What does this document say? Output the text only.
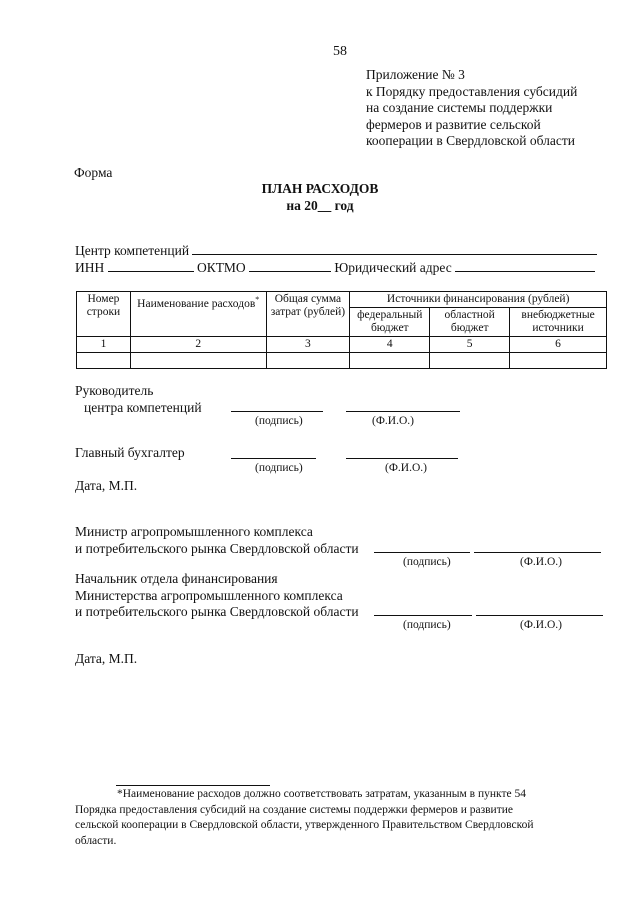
58
Приложение № 3
к Порядку предоставления субсидий
на создание системы поддержки
фермеров и развитие сельской
кооперации в Свердловской области
Форма
ПЛАН РАСХОДОВ
на 20__ год
Центр компетенций
ИНН	ОКТМО	Юридический адрес
Номер строки	Наименование расходов*	Общая сумма затрат (рублей)	Источники финансирования (рублей)		
			федеральный бюджет	областной бюджет	внебюджетные источники
1	2	3	4	5	6

Руководитель
центра компетенций
(подпись)	(Ф.И.О.)
Главный бухгалтер
(подпись)	(Ф.И.О.)
Дата, М.П.
Министр агропромышленного комплекса
и потребительского рынка Свердловской области
(подпись)	(Ф.И.О.)
Начальник отдела финансирования
Министерства агропромышленного комплекса
и потребительского рынка Свердловской области
(подпись)	(Ф.И.О.)
Дата, М.П.
*Наименование расходов должно соответствовать затратам, указанным в пункте 54
Порядка предоставления субсидий на создание системы поддержки фермеров и развитие
сельской кооперации в Свердловской области, утвержденного Правительством Свердловской
области.
